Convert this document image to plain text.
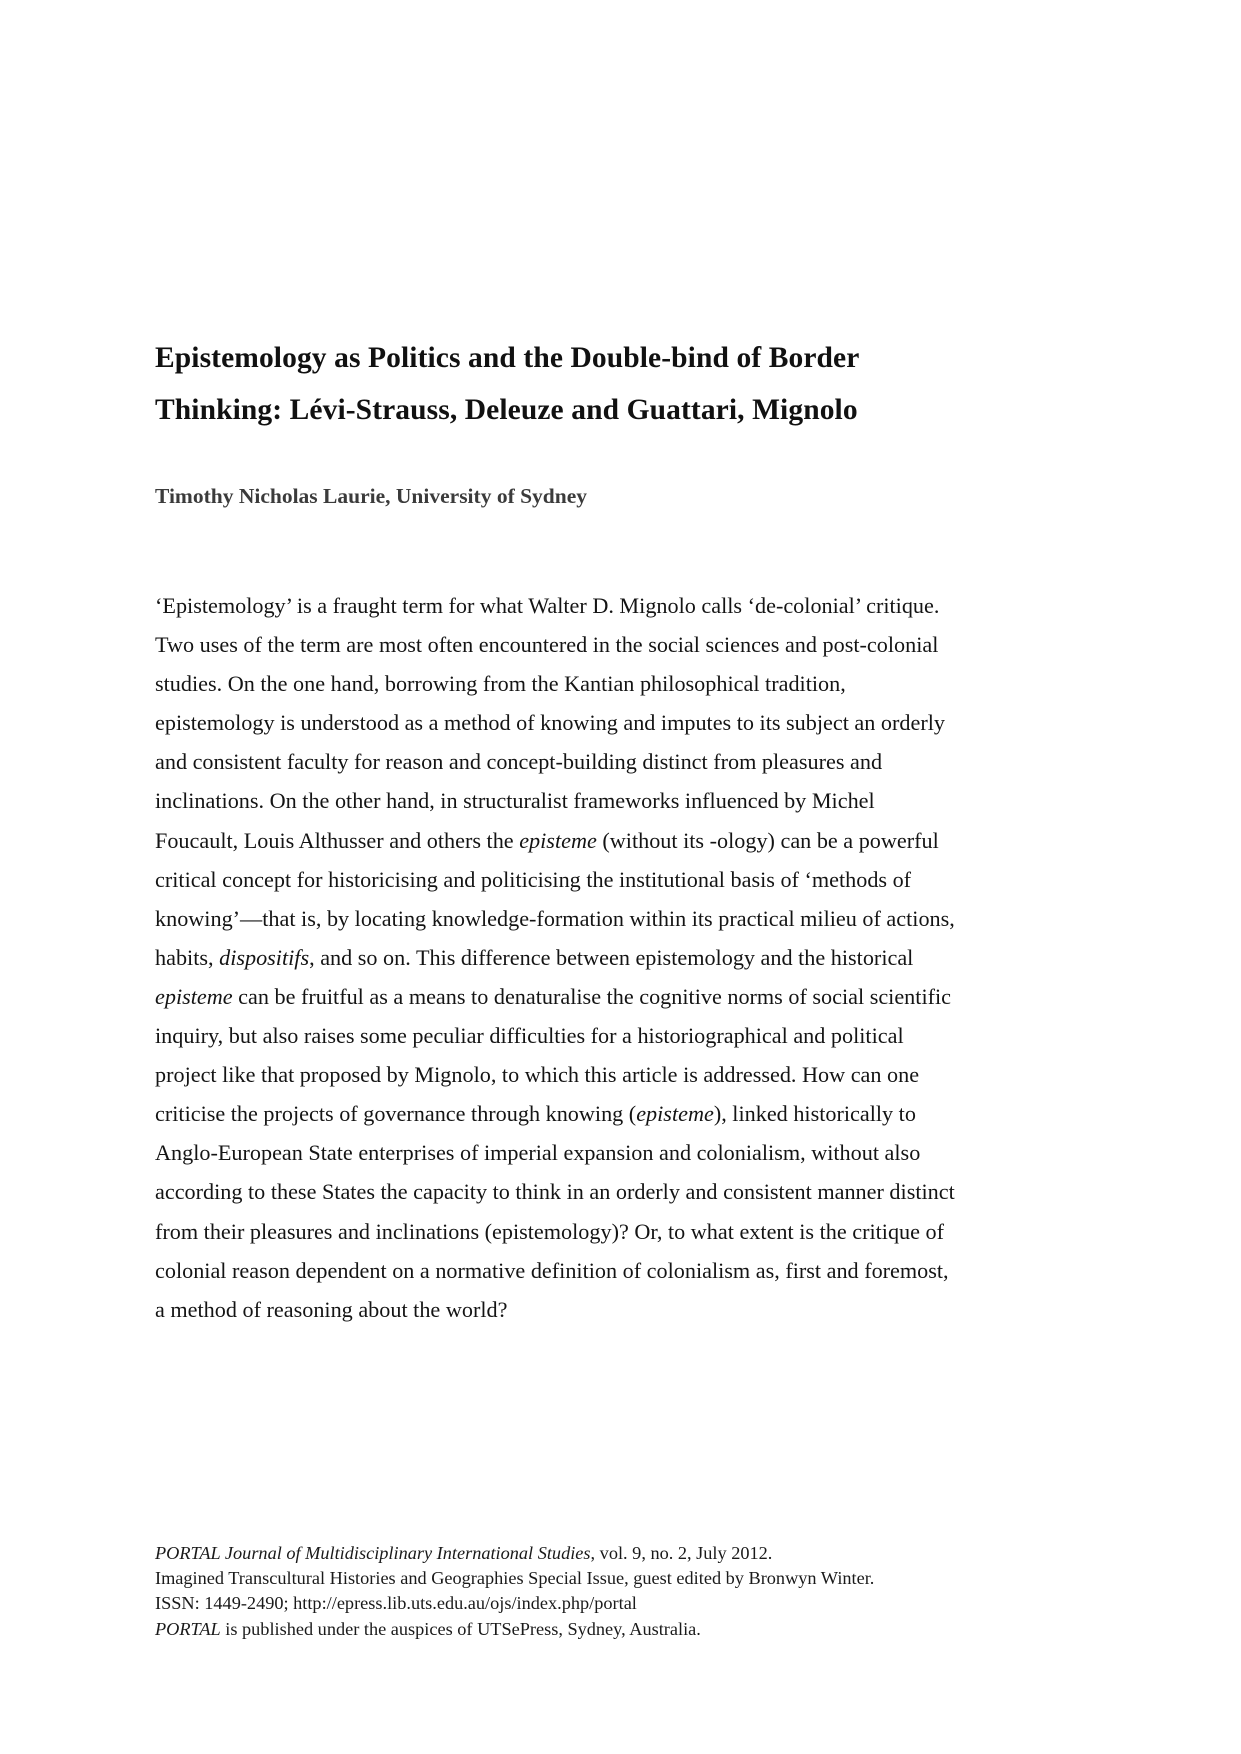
Epistemology as Politics and the Double-bind of Border Thinking: Lévi-Strauss, Deleuze and Guattari, Mignolo

Timothy Nicholas Laurie, University of Sydney

‘Epistemology’ is a fraught term for what Walter D. Mignolo calls ‘de-colonial’ critique. Two uses of the term are most often encountered in the social sciences and post-colonial studies. On the one hand, borrowing from the Kantian philosophical tradition, epistemology is understood as a method of knowing and imputes to its subject an orderly and consistent faculty for reason and concept-building distinct from pleasures and inclinations. On the other hand, in structuralist frameworks influenced by Michel Foucault, Louis Althusser and others the episteme (without its -ology) can be a powerful critical concept for historicising and politicising the institutional basis of ‘methods of knowing’—that is, by locating knowledge-formation within its practical milieu of actions, habits, dispositifs, and so on. This difference between epistemology and the historical episteme can be fruitful as a means to denaturalise the cognitive norms of social scientific inquiry, but also raises some peculiar difficulties for a historiographical and political project like that proposed by Mignolo, to which this article is addressed. How can one criticise the projects of governance through knowing (episteme), linked historically to Anglo-European State enterprises of imperial expansion and colonialism, without also according to these States the capacity to think in an orderly and consistent manner distinct from their pleasures and inclinations (epistemology)? Or, to what extent is the critique of colonial reason dependent on a normative definition of colonialism as, first and foremost, a method of reasoning about the world?

PORTAL Journal of Multidisciplinary International Studies, vol. 9, no. 2, July 2012.

Imagined Transcultural Histories and Geographies Special Issue, guest edited by Bronwyn Winter.

ISSN: 1449-2490; http://epress.lib.uts.edu.au/ojs/index.php/portal

PORTAL is published under the auspices of UTSePress, Sydney, Australia.
